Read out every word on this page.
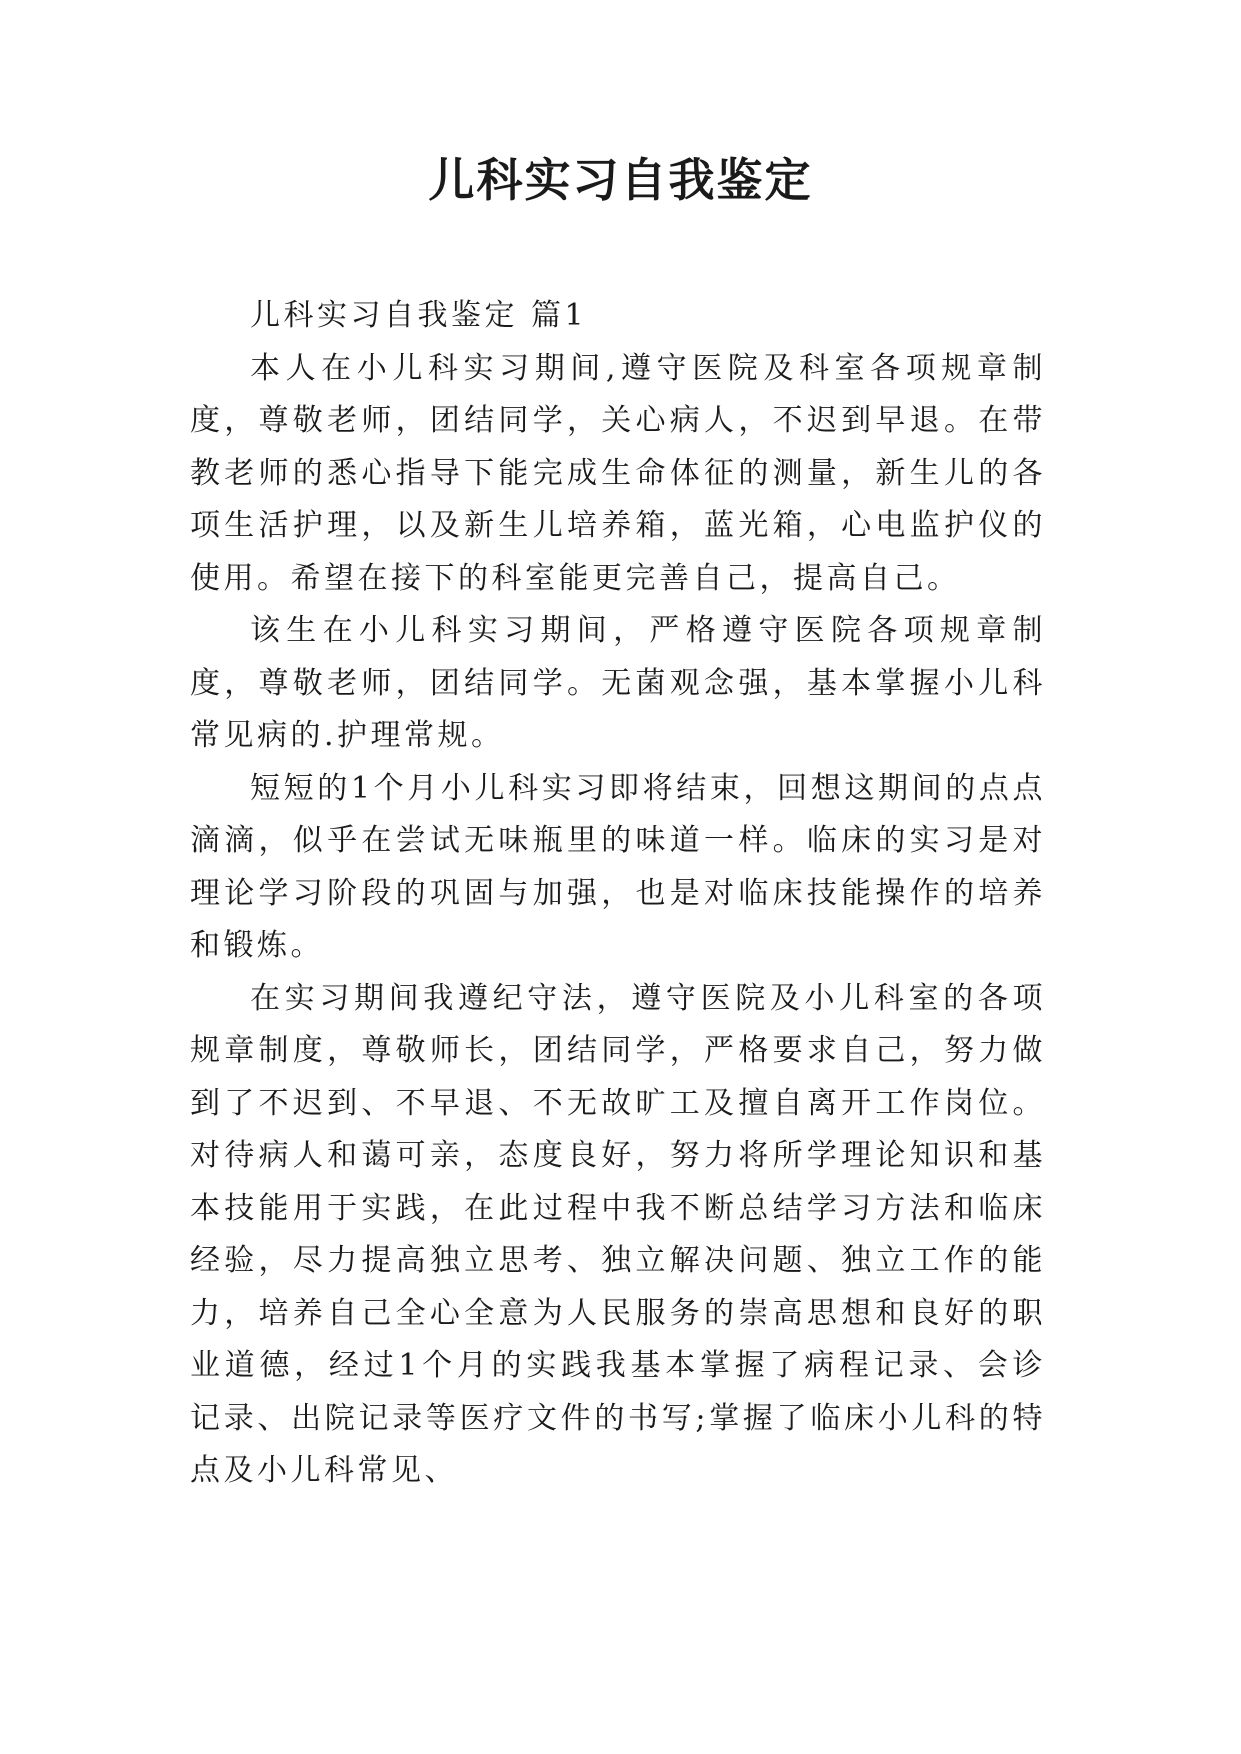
儿科实习自我鉴定

儿科实习自我鉴定 篇1

本人在小儿科实习期间,遵守医院及科室各项规章制度，尊敬老师，团结同学，关心病人，不迟到早退。在带教老师的悉心指导下能完成生命体征的测量，新生儿的各项生活护理，以及新生儿培养箱，蓝光箱，心电监护仪的使用。希望在接下的科室能更完善自己，提高自己。

该生在小儿科实习期间，严格遵守医院各项规章制度，尊敬老师，团结同学。无菌观念强，基本掌握小儿科常见病的.护理常规。

短短的1个月小儿科实习即将结束，回想这期间的点点滴滴，似乎在尝试无味瓶里的味道一样。临床的实习是对理论学习阶段的巩固与加强，也是对临床技能操作的培养和锻炼。

在实习期间我遵纪守法，遵守医院及小儿科室的各项规章制度，尊敬师长，团结同学，严格要求自己，努力做到了不迟到、不早退、不无故旷工及擅自离开工作岗位。对待病人和蔼可亲，态度良好，努力将所学理论知识和基本技能用于实践，在此过程中我不断总结学习方法和临床经验，尽力提高独立思考、独立解决问题、独立工作的能力，培养自己全心全意为人民服务的崇高思想和良好的职业道德，经过1个月的实践我基本掌握了病程记录、会诊记录、出院记录等医疗文件的书写;掌握了临床小儿科的特点及小儿科常见、
